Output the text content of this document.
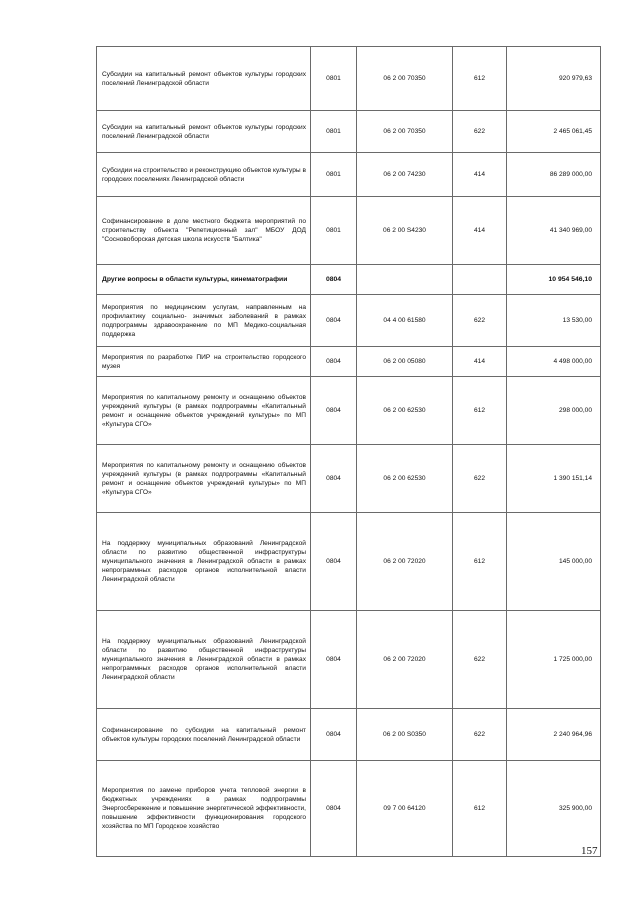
Субсидии на капитальный ремонт объектов культуры городских поселений Ленинградской области	0801	06 2 00 70350	612	920 979,63
Субсидии на капитальный ремонт объектов культуры городских поселений Ленинградской области	0801	06 2 00 70350	622	2 465 061,45
Субсидии на строительство и реконструкцию объектов культуры в городских поселениях Ленинградской области	0801	06 2 00 74230	414	86 289 000,00
Софинансирование в доле местного бюджета мероприятий по строительству объекта "Репетиционный зал" МБОУ ДОД "Сосновоборская детская школа искусств "Балтика"	0801	06 2 00 S4230	414	41 340 969,00
Другие вопросы в области культуры, кинематографии	0804			10 954 546,10
Мероприятия по медицинским услугам, направленным на профилактику социально- значимых заболеваний в рамках подпрограммы здравоохранение по МП Медико-социальная поддержка	0804	04 4 00 61580	622	13 530,00
Мероприятия по разработке ПИР на строительство городского музея	0804	06 2 00 05080	414	4 498 000,00
Мероприятия по капитальному ремонту и оснащению объектов учреждений культуры (в рамках подпрограммы «Капитальный ремонт и оснащение объектов учреждений культуры» по МП «Культура СГО»	0804	06 2 00 62530	612	298 000,00
Мероприятия по капитальному ремонту и оснащению объектов учреждений культуры (в рамках подпрограммы «Капитальный ремонт и оснащение объектов учреждений культуры» по МП «Культура СГО»	0804	06 2 00 62530	622	1 390 151,14
На поддержку муниципальных образований Ленинградской области по развитию общественной инфраструктуры муниципального значения в Ленинградской области в рамках непрограммных расходов органов исполнительной власти Ленинградской области	0804	06 2 00 72020	612	145 000,00
На поддержку муниципальных образований Ленинградской области по развитию общественной инфраструктуры муниципального значения в Ленинградской области в рамках непрограммных расходов органов исполнительной власти Ленинградской области	0804	06 2 00 72020	622	1 725 000,00
Софинансирование по субсидии на капитальный ремонт объектов культуры городских поселений Ленинградской области	0804	06 2 00 S0350	622	2 240 964,96
Мероприятия по замене приборов учета тепловой энергии в бюджетных учреждениях в рамках подпрограммы Энергосбережение и повышение энергетической эффективности, повышение эффективности функционирования городского хозяйства по МП Городское хозяйство	0804	09 7 00 64120	612	325 900,00
157
